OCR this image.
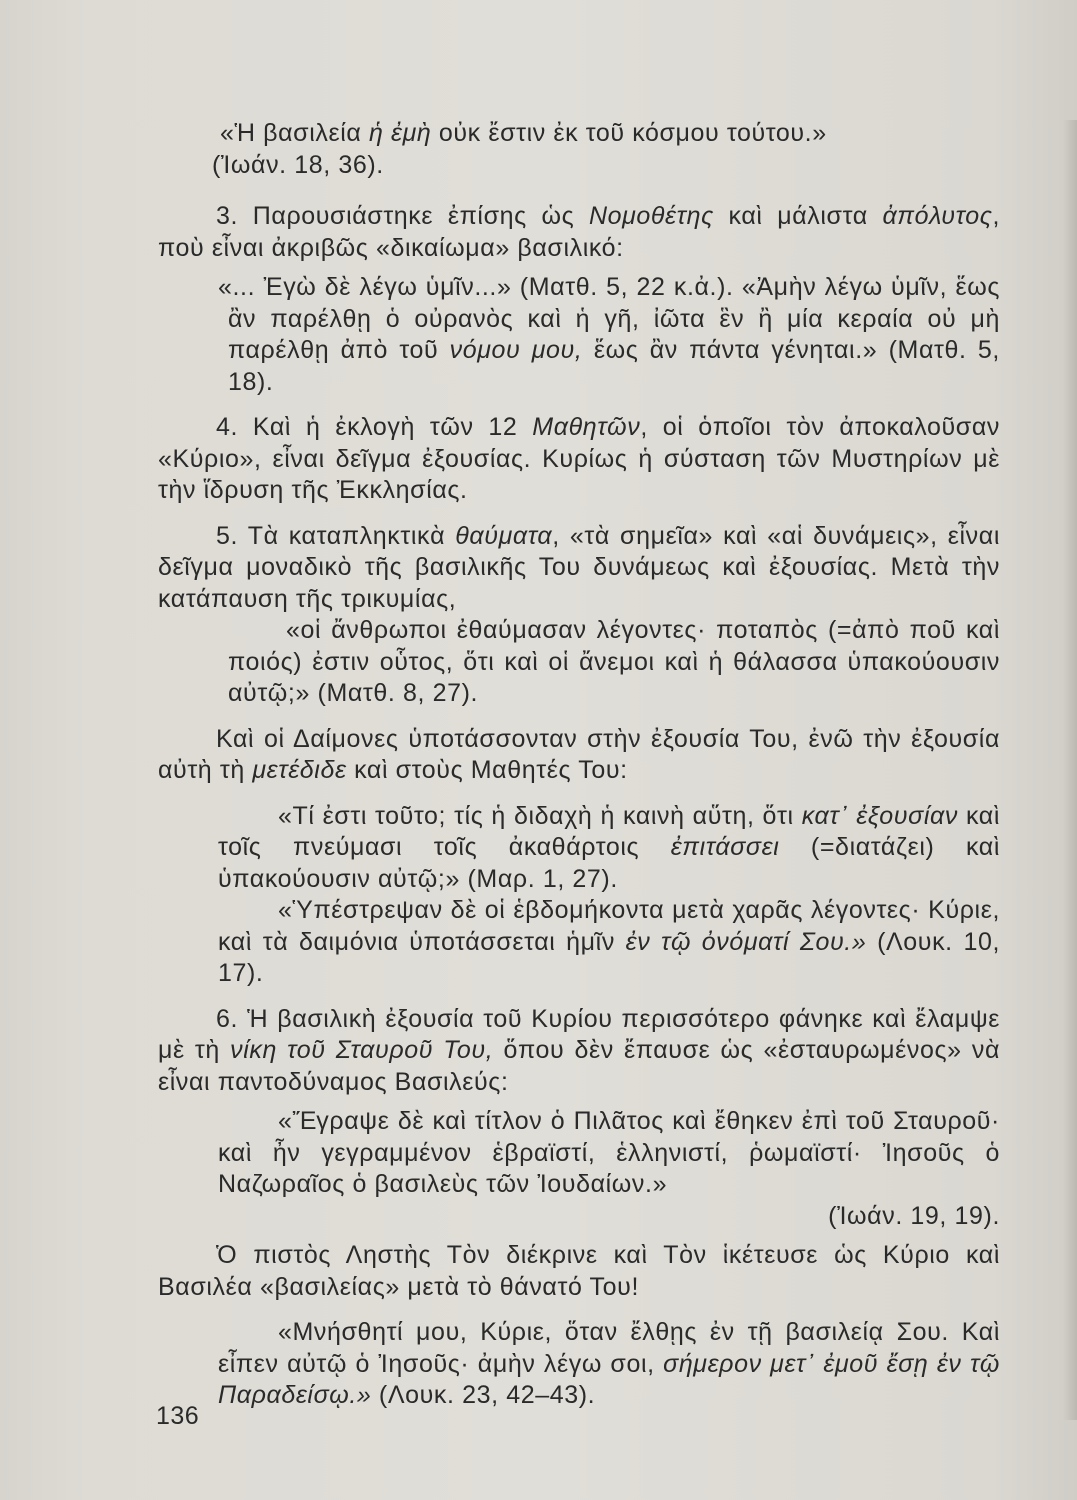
«Ἡ βασιλεία ἡ ἐμὴ οὐκ ἔστιν ἐκ τοῦ κόσμου τούτου.»
(Ἰωάν. 18, 36).

3. Παρουσιάστηκε ἐπίσης ὡς Νομοθέτης καὶ μάλιστα ἀπόλυτος, ποὺ εἶναι ἀκριβῶς «δικαίωμα» βασιλικό:

«... Ἐγὼ δὲ λέγω ὑμῖν...» (Ματθ. 5, 22 κ.ἀ.). «Ἀμὴν λέγω ὑμῖν, ἕως ἂν παρέλθῃ ὁ οὐρανὸς καὶ ἡ γῆ, ἰῶτα ἓν ἢ μία κεραία οὐ μὴ παρέλθῃ ἀπὸ τοῦ νόμου μου, ἕως ἂν πάντα γένηται.» (Ματθ. 5, 18).

4. Καὶ ἡ ἐκλογὴ τῶν 12 Μαθητῶν, οἱ ὁποῖοι τὸν ἀποκαλοῦσαν «Κύριο», εἶναι δεῖγμα ἐξουσίας. Κυρίως ἡ σύσταση τῶν Μυστηρίων μὲ τὴν ἵδρυση τῆς Ἐκκλησίας.

5. Τὰ καταπληκτικὰ θαύματα, «τὰ σημεῖα» καὶ «αἱ δυνάμεις», εἶναι δεῖγμα μοναδικὸ τῆς βασιλικῆς Του δυνάμεως καὶ ἐξουσίας. Μετὰ τὴν κατάπαυση τῆς τρικυμίας,

«οἱ ἄνθρωποι ἐθαύμασαν λέγοντες· ποταπὸς (=ἀπὸ ποῦ καὶ ποιός) ἐστιν οὗτος, ὅτι καὶ οἱ ἄνεμοι καὶ ἡ θάλασσα ὑπακούουσιν αὐτῷ;» (Ματθ. 8, 27).

Καὶ οἱ Δαίμονες ὑποτάσσονταν στὴν ἐξουσία Του, ἐνῶ τὴν ἐξουσία αὐτὴ τὴ μετέδιδε καὶ στοὺς Μαθητές Του:

«Τί ἐστι τοῦτο; τίς ἡ διδαχὴ ἡ καινὴ αὕτη, ὅτι κατ᾿ ἐξουσίαν καὶ τοῖς πνεύμασι τοῖς ἀκαθάρτοις ἐπιτάσσει (=διατάζει) καὶ ὑπακούουσιν αὐτῷ;» (Μαρ. 1, 27).

«Ὑπέστρεψαν δὲ οἱ ἑβδομήκοντα μετὰ χαρᾶς λέγοντες· Κύριε, καὶ τὰ δαιμόνια ὑποτάσσεται ἡμῖν ἐν τῷ ὀνόματί Σου.» (Λουκ. 10, 17).

6. Ἡ βασιλικὴ ἐξουσία τοῦ Κυρίου περισσότερο φάνηκε καὶ ἔλαμψε μὲ τὴ νίκη τοῦ Σταυροῦ Του, ὅπου δὲν ἔπαυσε ὡς «ἐσταυρωμένος» νὰ εἶναι παντοδύναμος Βασιλεύς:

«Ἔγραψε δὲ καὶ τίτλον ὁ Πιλᾶτος καὶ ἔθηκεν ἐπὶ τοῦ Σταυροῦ· καὶ ἦν γεγραμμένον ἑβραϊστί, ἑλληνιστί, ῥωμαϊστί· Ἰησοῦς ὁ Ναζωραῖος ὁ βασιλεὺς τῶν Ἰουδαίων.»

(Ἰωάν. 19, 19).

Ὁ πιστὸς Ληστὴς Τὸν διέκρινε καὶ Τὸν ἱκέτευσε ὡς Κύριο καὶ Βασιλέα «βασιλείας» μετὰ τὸ θάνατό Του!

«Μνήσθητί μου, Κύριε, ὅταν ἔλθῃς ἐν τῇ βασιλείᾳ Σου. Καὶ εἶπεν αὐτῷ ὁ Ἰησοῦς· ἀμὴν λέγω σοι, σήμερον μετ᾿ ἐμοῦ ἔσῃ ἐν τῷ Παραδείσῳ.» (Λουκ. 23, 42–43).

136
